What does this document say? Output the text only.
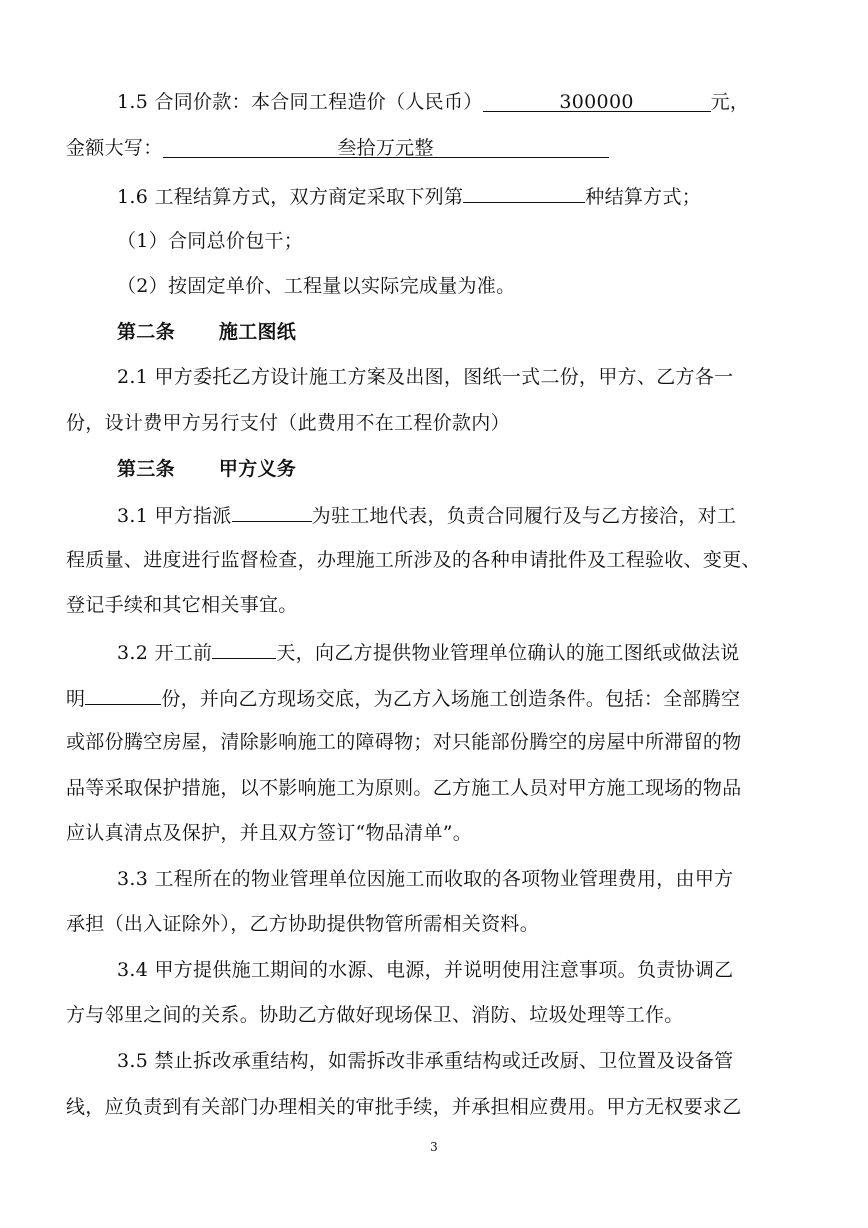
1.5 合同价款：本合同工程造价（人民币）	300000	元，
金额大写：	叁拾万元整
1.6 工程结算方式，双方商定采取下列第	种结算方式；
（1）合同总价包干；
（2）按固定单价、工程量以实际完成量为准。
第二条 施工图纸
2.1 甲方委托乙方设计施工方案及出图，图纸一式二份，甲方、乙方各一
份，设计费甲方另行支付（此费用不在工程价款内）
第三条 甲方义务
3.1 甲方指派	为驻工地代表，负责合同履行及与乙方接洽，对工
程质量、进度进行监督检查，办理施工所涉及的各种申请批件及工程验收、变更、
登记手续和其它相关事宜。
3.2 开工前	天，向乙方提供物业管理单位确认的施工图纸或做法说
明	份，并向乙方现场交底，为乙方入场施工创造条件。包括：全部腾空
或部份腾空房屋，清除影响施工的障碍物；对只能部份腾空的房屋中所滞留的物
品等采取保护措施，以不影响施工为原则。乙方施工人员对甲方施工现场的物品
应认真清点及保护，并且双方签订“物品清单”。
3.3 工程所在的物业管理单位因施工而收取的各项物业管理费用，由甲方
承担（出入证除外），乙方协助提供物管所需相关资料。
3.4 甲方提供施工期间的水源、电源，并说明使用注意事项。负责协调乙
方与邻里之间的关系。协助乙方做好现场保卫、消防、垃圾处理等工作。
3.5 禁止拆改承重结构，如需拆改非承重结构或迁改厨、卫位置及设备管
线，应负责到有关部门办理相关的审批手续，并承担相应费用。甲方无权要求乙
3
